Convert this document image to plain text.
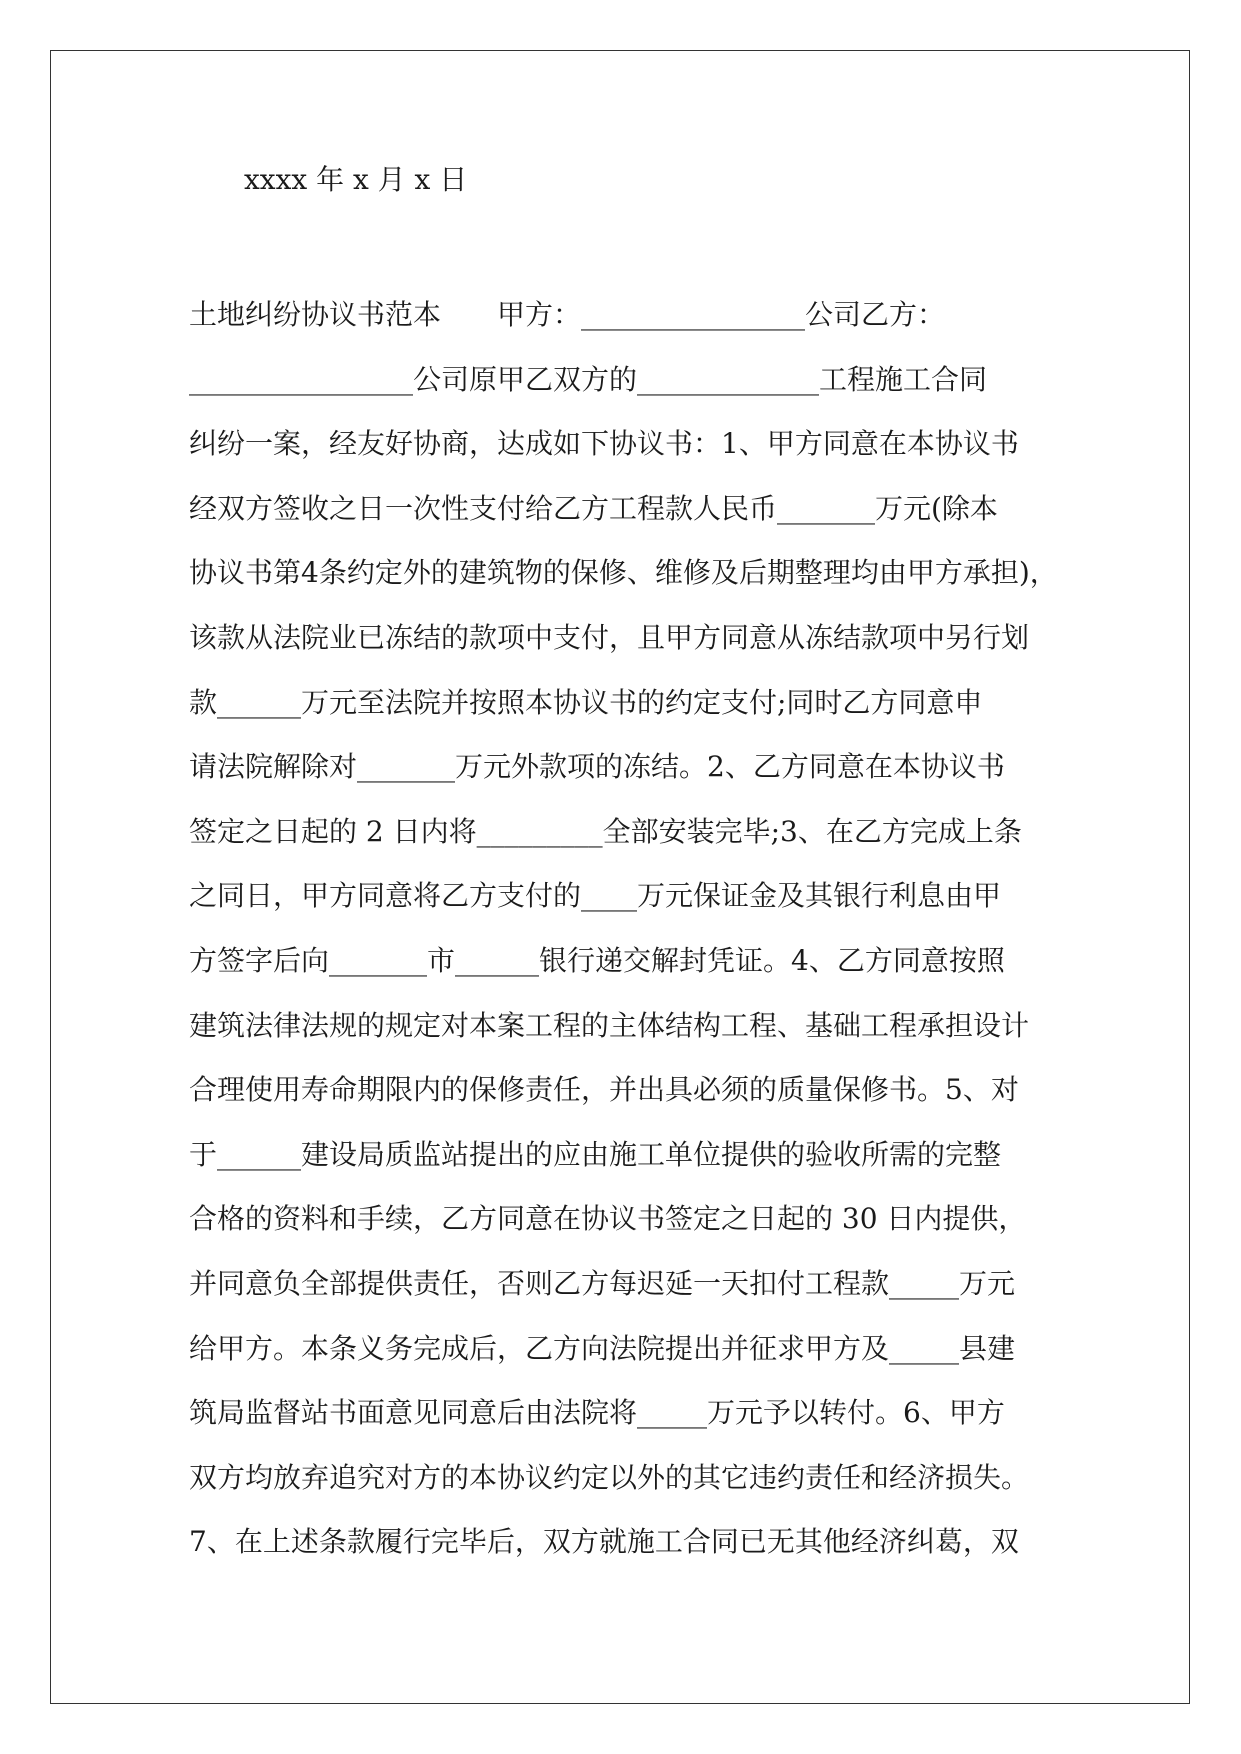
xxxx 年 x 月 x 日
土地纠纷协议书范本　　甲方：________________公司乙方：
________________公司原甲乙双方的_____________工程施工合同
纠纷一案，经友好协商，达成如下协议书：1、甲方同意在本协议书
经双方签收之日一次性支付给乙方工程款人民币_______万元(除本
协议书第4条约定外的建筑物的保修、维修及后期整理均由甲方承担)，
该款从法院业已冻结的款项中支付，且甲方同意从冻结款项中另行划
款______万元至法院并按照本协议书的约定支付;同时乙方同意申
请法院解除对_______万元外款项的冻结。2、乙方同意在本协议书
签定之日起的 2 日内将_________全部安装完毕;3、在乙方完成上条
之同日，甲方同意将乙方支付的____万元保证金及其银行利息由甲
方签字后向_______市______银行递交解封凭证。4、乙方同意按照
建筑法律法规的规定对本案工程的主体结构工程、基础工程承担设计
合理使用寿命期限内的保修责任，并出具必须的质量保修书。5、对
于______建设局质监站提出的应由施工单位提供的验收所需的完整
合格的资料和手续，乙方同意在协议书签定之日起的 30 日内提供，
并同意负全部提供责任，否则乙方每迟延一天扣付工程款_____万元
给甲方。本条义务完成后，乙方向法院提出并征求甲方及_____县建
筑局监督站书面意见同意后由法院将_____万元予以转付。6、甲方
双方均放弃追究对方的本协议约定以外的其它违约责任和经济损失。
7、在上述条款履行完毕后，双方就施工合同已无其他经济纠葛，双
